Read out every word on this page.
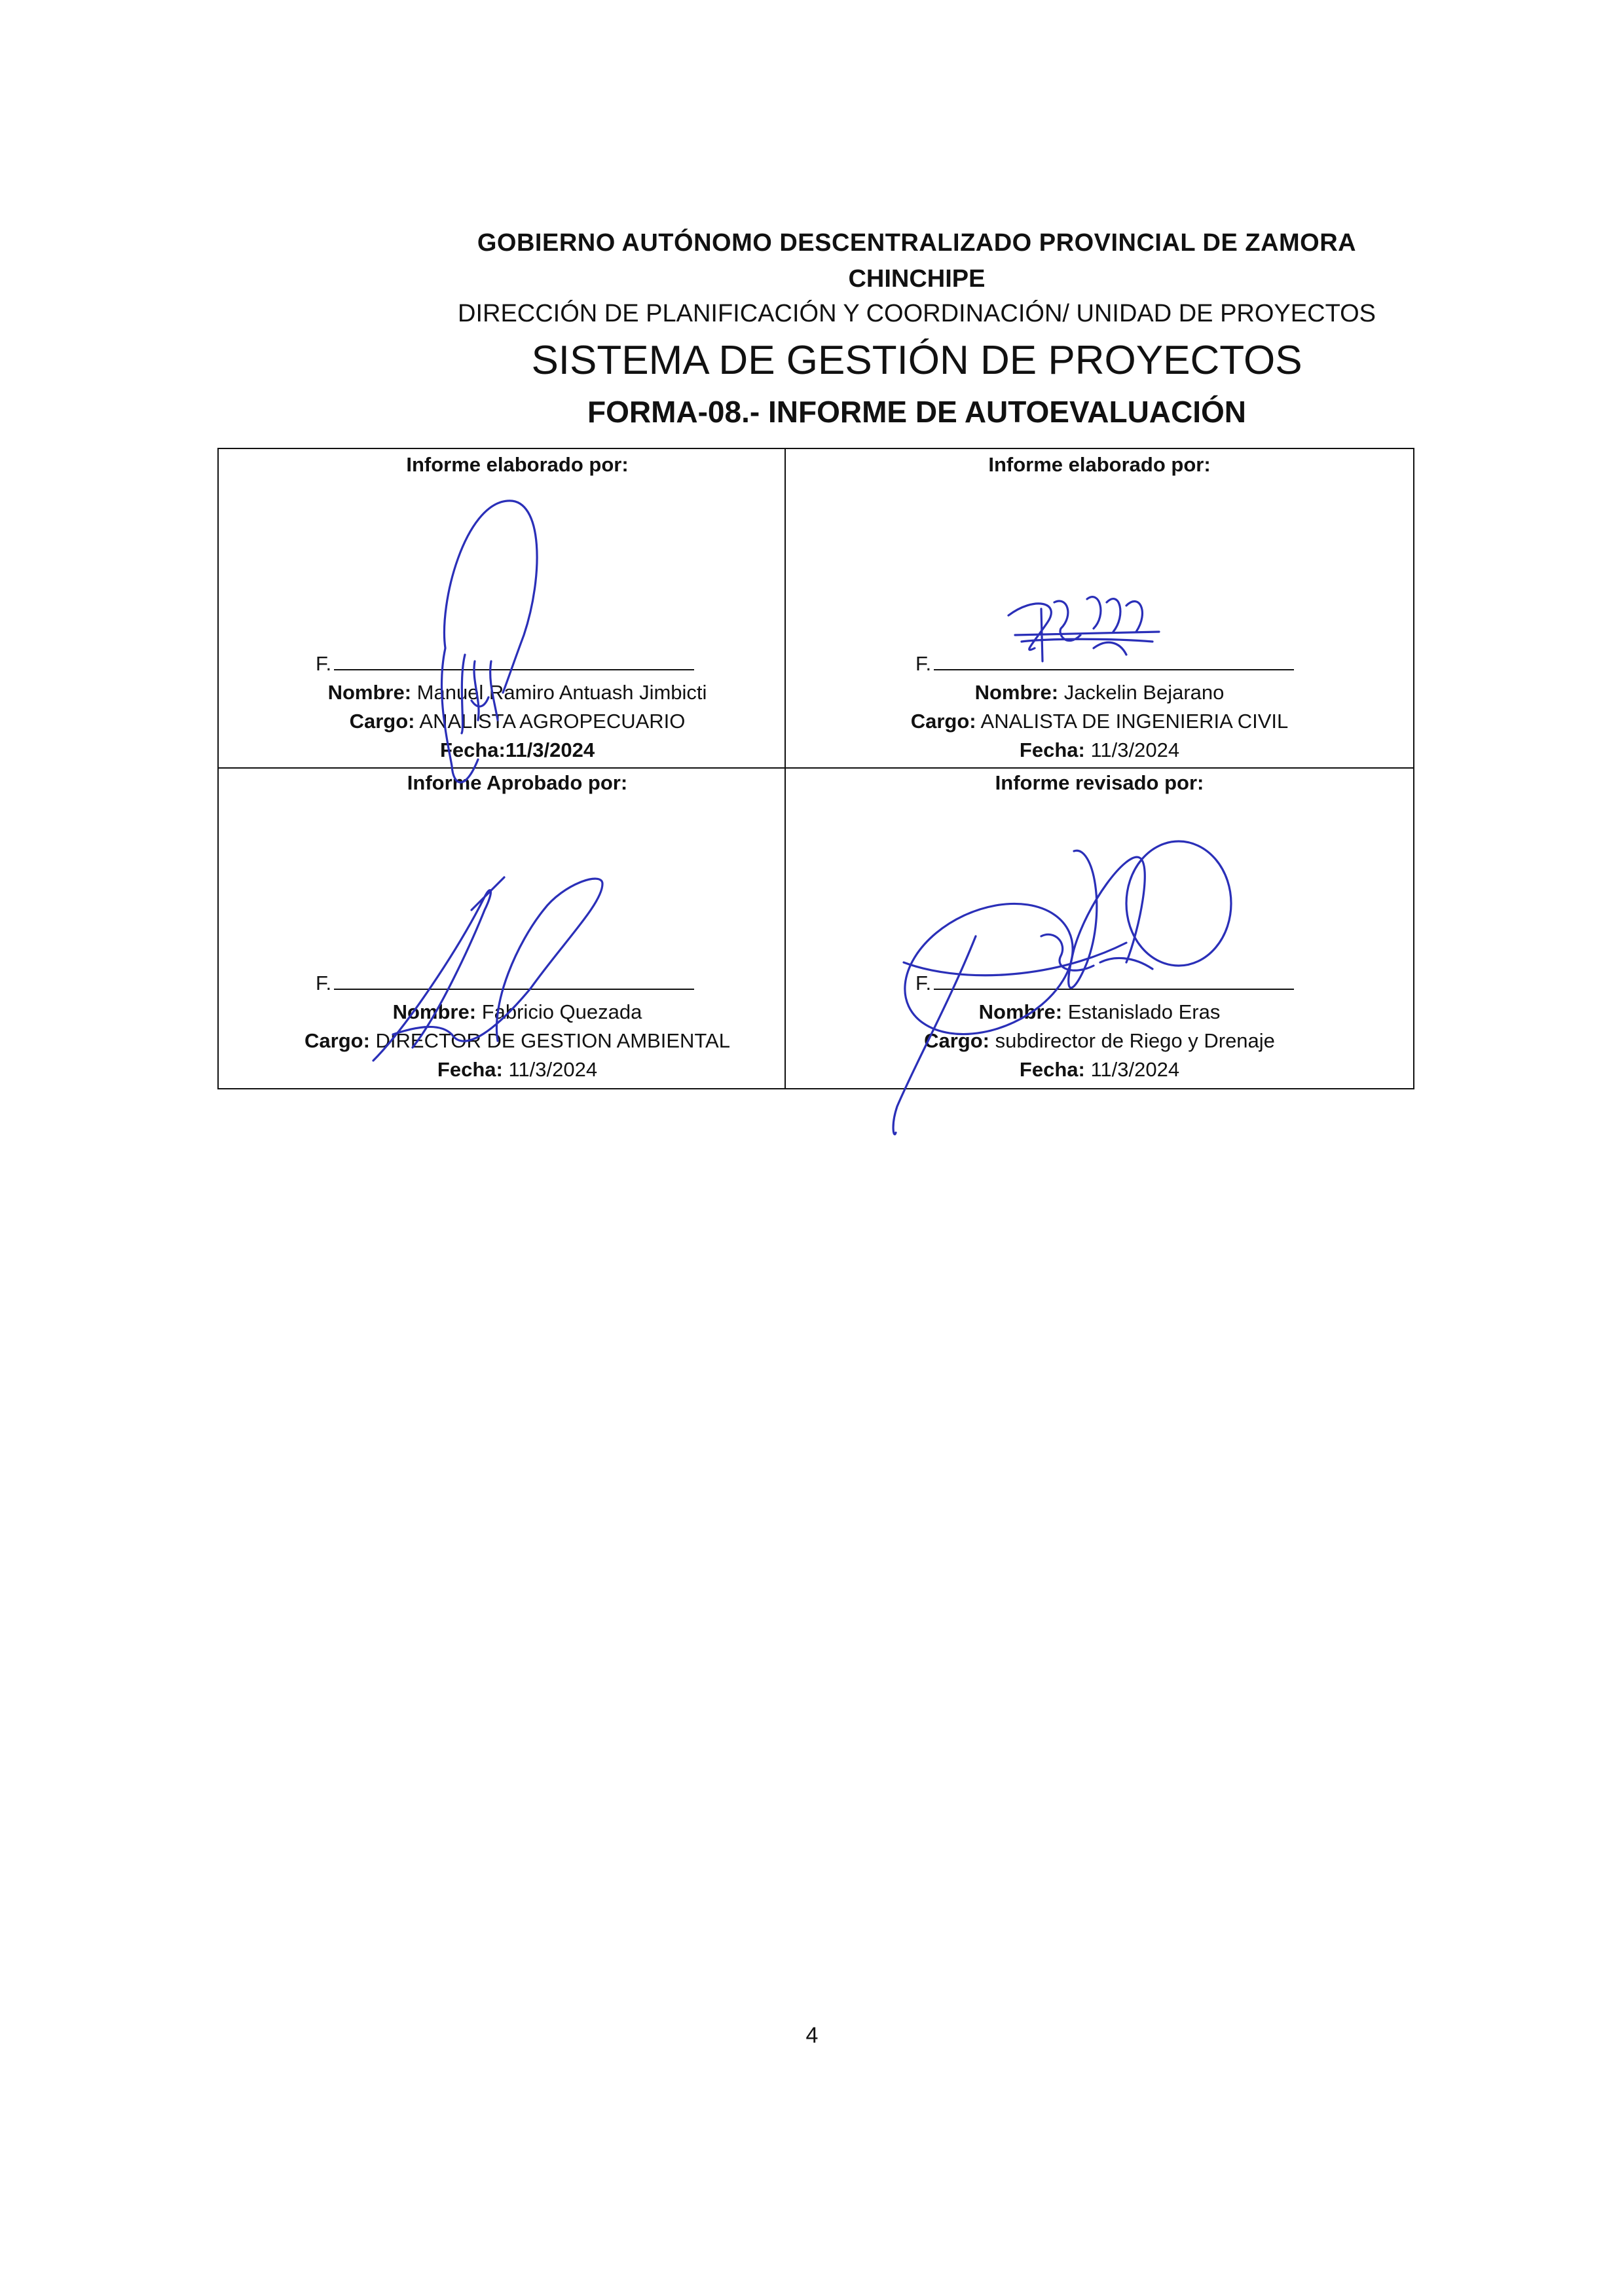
GOBIERNO AUTÓNOMO DESCENTRALIZADO PROVINCIAL DE ZAMORA
CHINCHIPE
DIRECCIÓN DE PLANIFICACIÓN Y COORDINACIÓN/ UNIDAD DE PROYECTOS
SISTEMA DE GESTIÓN DE PROYECTOS
FORMA-08.- INFORME DE AUTOEVALUACIÓN
Informe elaborado por:
F.
Nombre: Manuel Ramiro Antuash Jimbicti
Cargo: ANALISTA AGROPECUARIO
Fecha:11/3/2024
Informe elaborado por:
F.
Nombre: Jackelin Bejarano
Cargo: ANALISTA DE INGENIERIA CIVIL
Fecha: 11/3/2024
Informe Aprobado por:
F.
Nombre: Fabricio Quezada
Cargo: DIRECTOR DE GESTION AMBIENTAL
Fecha: 11/3/2024
Informe revisado por:
F.
Nombre: Estanislado Eras
Cargo: subdirector de Riego y Drenaje
Fecha: 11/3/2024
4
